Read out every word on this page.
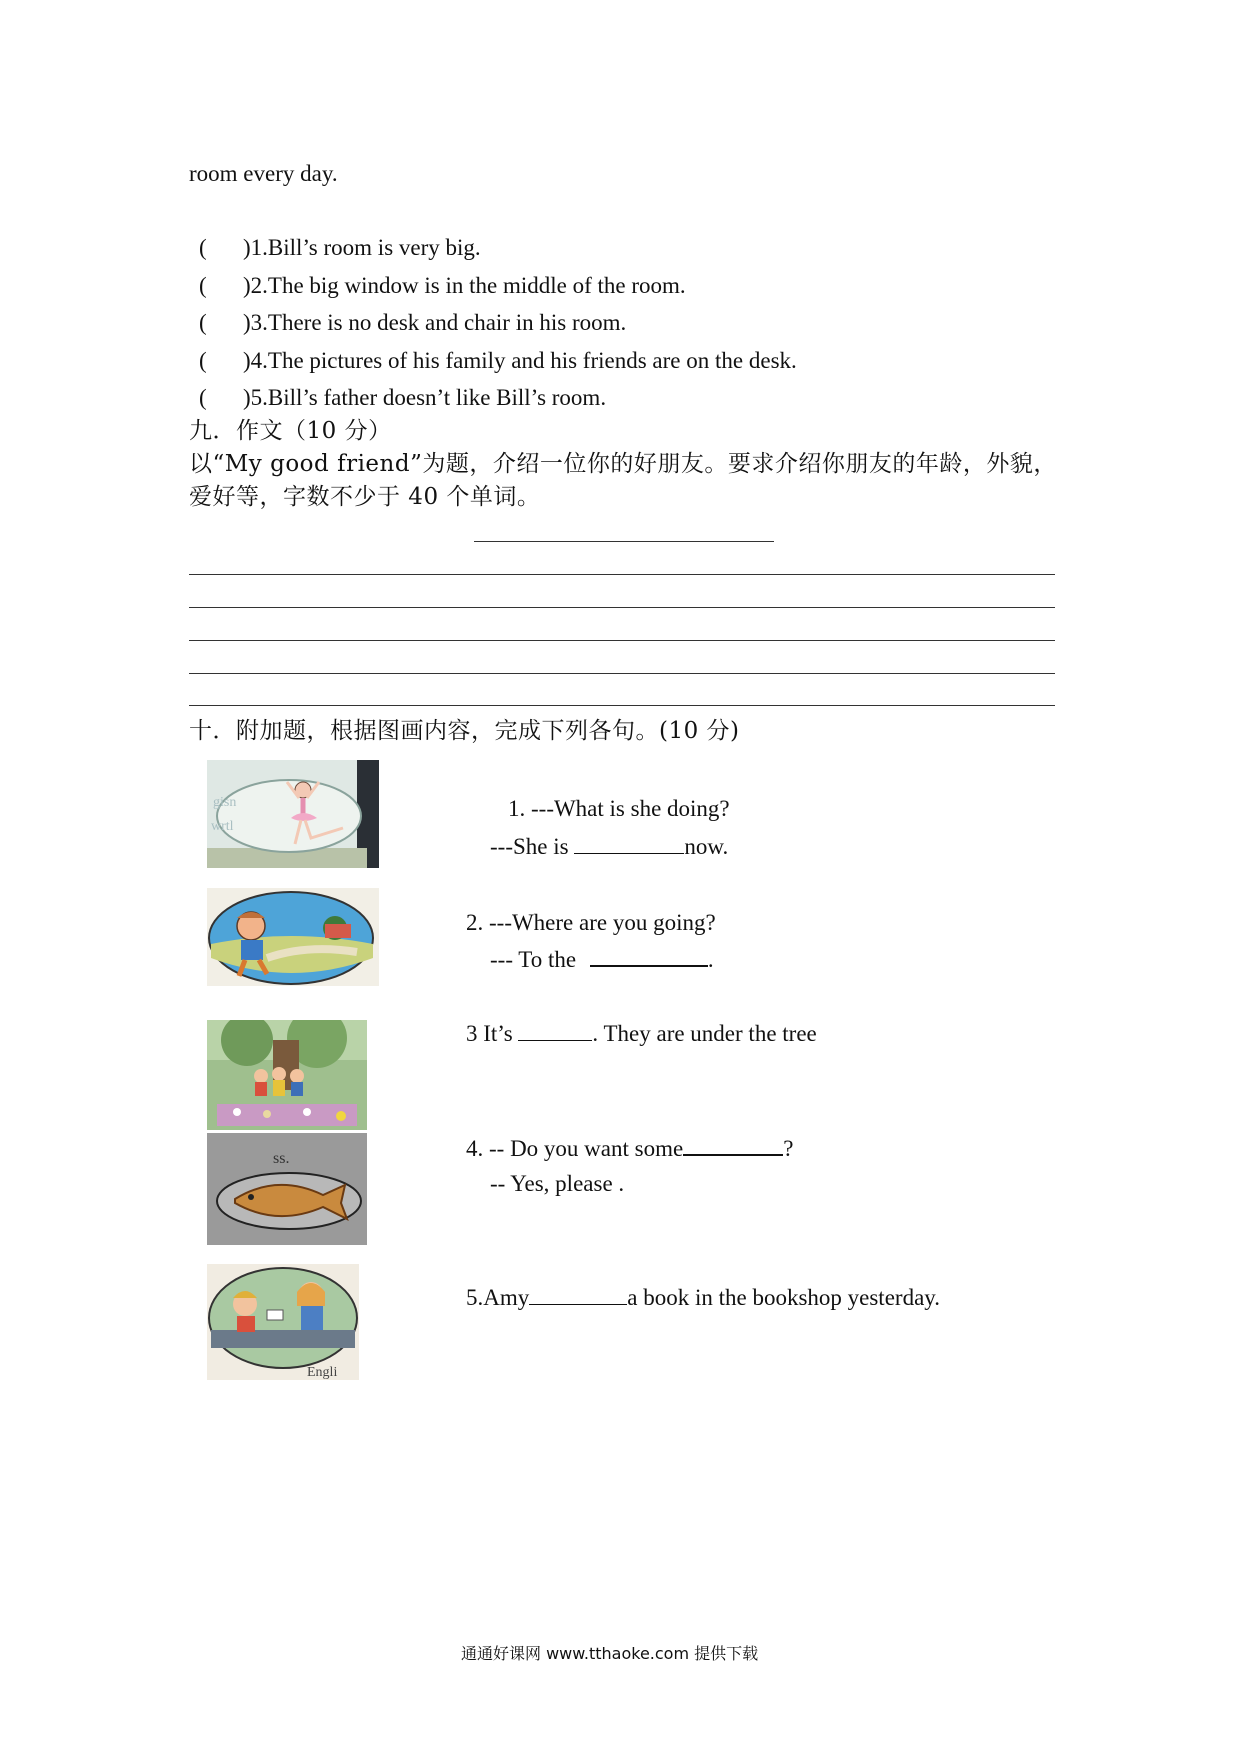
room every day.
( )1.Bill’s room is very big.
( )2.The big window is in the middle of the room.
( )3.There is no desk and chair in his room.
( )4.The pictures of his family and his friends are on the desk.
( )5.Bill’s father doesn’t like Bill’s room.
九．作文（10 分）
以“My good friend”为题，介绍一位你的好朋友。要求介绍你朋友的年龄，外貌，
爱好等，字数不少于 40 个单词。
十．附加题，根据图画内容，完成下列各句。(10 分)
gisn
wrtl
1. ---What is she doing?
---She is	now.
2. ---Where are you going?
--- To the	.
3 It’s	. They are under the tree
ss.	4. -- Do you want some	?
-- Yes, please .
Engli
5.Amy	a book in the bookshop yesterday.
通通好课网 www.tthaoke.com 提供下载
